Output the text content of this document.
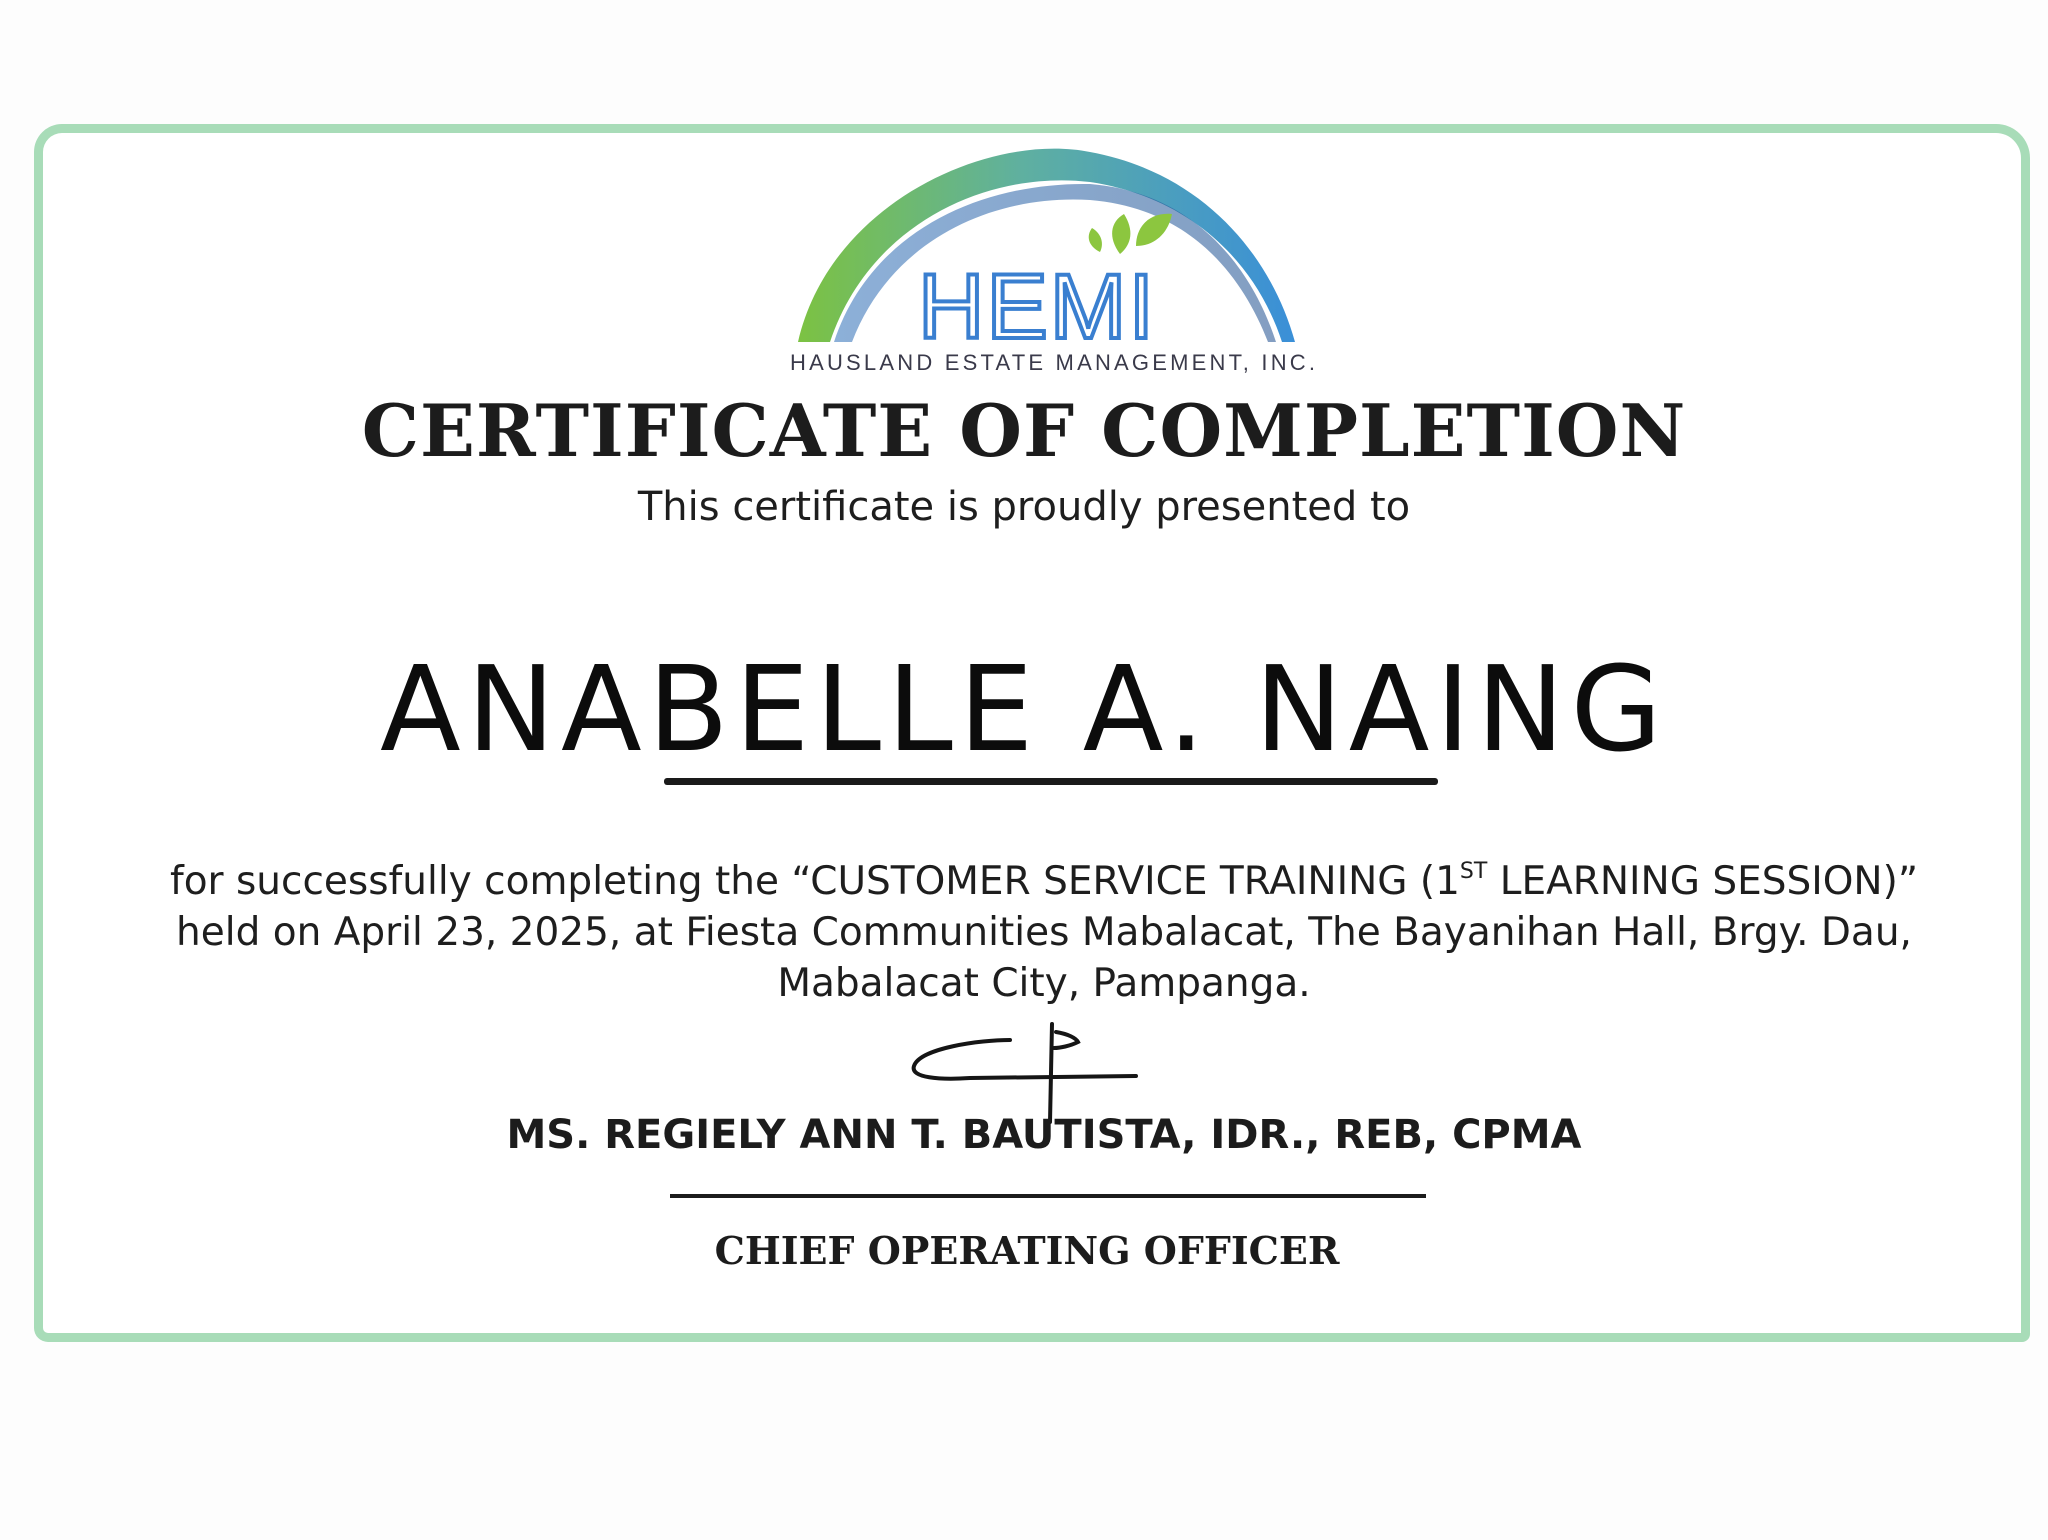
HEMI
HAUSLAND ESTATE MANAGEMENT, INC.
CERTIFICATE OF COMPLETION
This certificate is proudly presented to
ANABELLE A. NAING
for successfully completing the “CUSTOMER SERVICE TRAINING (1ST LEARNING SESSION)” held on April 23, 2025, at Fiesta Communities Mabalacat, The Bayanihan Hall, Brgy. Dau, Mabalacat City, Pampanga.
MS. REGIELY ANN T. BAUTISTA, IDR., REB, CPMA
CHIEF OPERATING OFFICER
